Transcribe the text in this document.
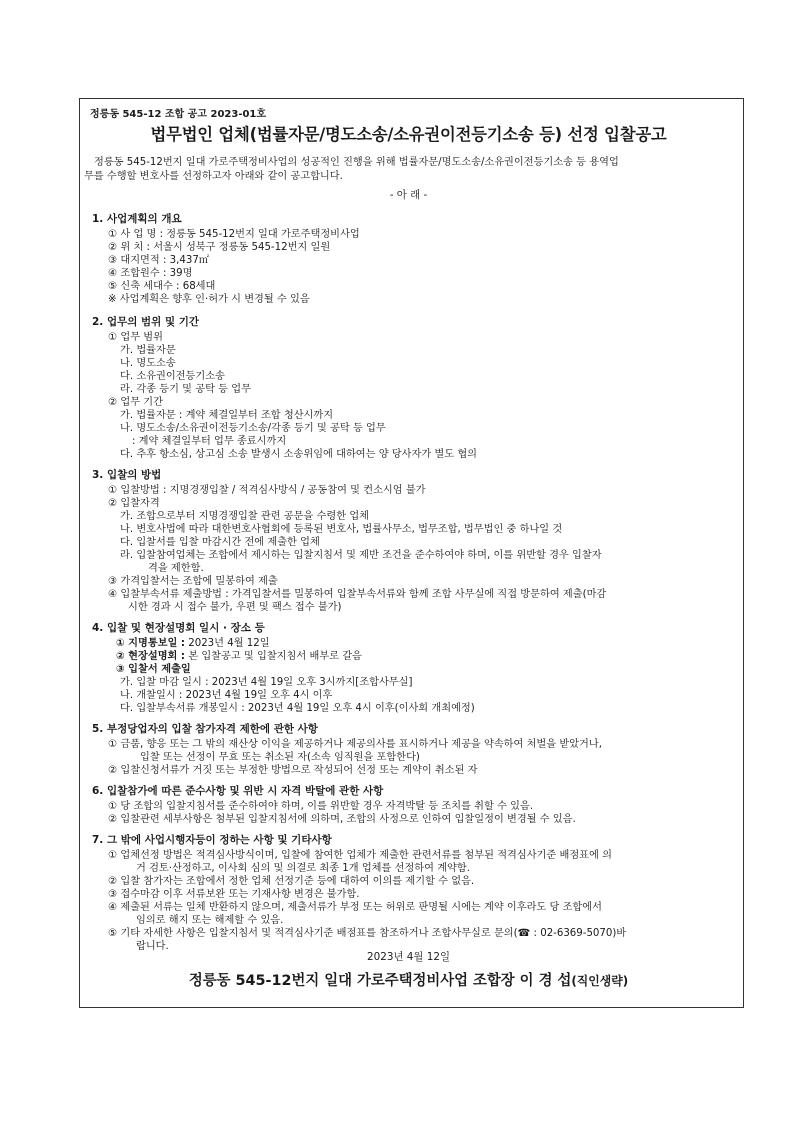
정릉동 545-12 조합 공고 2023-01호
법무법인 업체(법률자문/명도소송/소유권이전등기소송 등) 선정 입찰공고
정릉동 545-12번지 일대 가로주택정비사업의 성공적인 진행을 위해 법률자문/명도소송/소유권이전등기소송 등 용역업
무를 수행할 변호사를 선정하고자 아래와 같이 공고합니다.
- 아 래 -
1. 사업계획의 개요
① 사 업 명 : 정릉동 545-12번지 일대 가로주택정비사업
② 위 치 : 서울시 성북구 정릉동 545-12번지 일원
③ 대지면적 : 3,437㎡
④ 조합원수 : 39명
⑤ 신축 세대수 : 68세대
※ 사업계획은 향후 인·허가 시 변경될 수 있음
2. 업무의 범위 및 기간
① 업무 범위
가. 법률자문
나. 명도소송
다. 소유권이전등기소송
라. 각종 등기 및 공탁 등 업무
② 업무 기간
가. 법률자문 : 계약 체결일부터 조합 청산시까지
나. 명도소송/소유권이전등기소송/각종 등기 및 공탁 등 업무
: 계약 체결일부터 업무 종료시까지
다. 추후 항소심, 상고심 소송 발생시 소송위임에 대하여는 양 당사자가 별도 협의
3. 입찰의 방법
① 입찰방법 : 지명경쟁입찰 / 적격심사방식 / 공동참여 및 컨소시엄 불가
② 입찰자격
가. 조합으로부터 지명경쟁입찰 관련 공문을 수령한 업체
나. 변호사법에 따라 대한변호사협회에 등록된 변호사, 법률사무소, 법무조합, 법무법인 중 하나일 것
다. 입찰서를 입찰 마감시간 전에 제출한 업체
라. 입찰참여업체는 조합에서 제시하는 입찰지침서 및 제반 조건을 준수하여야 하며, 이를 위반할 경우 입찰자
격을 제한함.
③ 가격입찰서는 조합에 밀봉하여 제출
④ 입찰부속서류 제출방법 : 가격입찰서를 밀봉하여 입찰부속서류와 함께 조합 사무실에 직접 방문하여 제출(마감
시한 경과 시 접수 불가, 우편 및 팩스 접수 불가)
4. 입찰 및 현장설명회 일시 · 장소 등
① 지명통보일 : 2023년 4월 12일
② 현장설명회 : 본 입찰공고 및 입찰지침서 배부로 갈음
③ 입찰서 제출일
가. 입찰 마감 일시 : 2023년 4월 19일 오후 3시까지[조합사무실]
나. 개찰일시 : 2023년 4월 19일 오후 4시 이후
다. 입찰부속서류 개봉일시 : 2023년 4월 19일 오후 4시 이후(이사회 개최예정)
5. 부정당업자의 입찰 참가자격 제한에 관한 사항
① 금품, 향응 또는 그 밖의 재산상 이익을 제공하거나 제공의사를 표시하거나 제공을 약속하여 처벌을 받았거나,
입찰 또는 선정이 무효 또는 취소된 자(소속 임직원을 포함한다)
② 입찰신청서류가 거짓 또는 부정한 방법으로 작성되어 선정 또는 계약이 취소된 자
6. 입찰참가에 따른 준수사항 및 위반 시 자격 박탈에 관한 사항
① 당 조합의 입찰지침서를 준수하여야 하며, 이를 위반할 경우 자격박탈 등 조치를 취할 수 있음.
② 입찰관련 세부사항은 첨부된 입찰지침서에 의하며, 조합의 사정으로 인하여 입찰일정이 변경될 수 있음.
7. 그 밖에 사업시행자등이 정하는 사항 및 기타사항
① 업체선정 방법은 적격심사방식이며, 입찰에 참여한 업체가 제출한 관련서류를 첨부된 적격심사기준 배점표에 의
거 검토·산정하고, 이사회 심의 및 의결로 최종 1개 업체를 선정하여 계약함.
② 입찰 참가자는 조합에서 정한 업체 선정기준 등에 대하여 이의를 제기할 수 없음.
③ 접수마감 이후 서류보완 또는 기재사항 변경은 불가함.
④ 제출된 서류는 일체 반환하지 않으며, 제출서류가 부정 또는 허위로 판명될 시에는 계약 이후라도 당 조합에서
임의로 해지 또는 해제할 수 있음.
⑤ 기타 자세한 사항은 입찰지침서 및 적격심사기준 배점표를 참조하거나 조합사무실로 문의(☎ : 02-6369-5070)바
랍니다.
2023년 4월 12일
정릉동 545-12번지 일대 가로주택정비사업 조합장 이 경 섭(직인생략)
